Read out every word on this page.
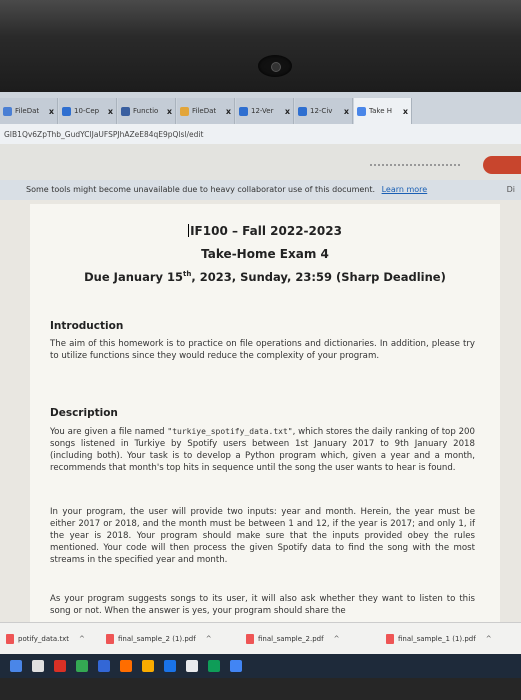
FileDat	x	10-Cep	x	Functio	x	FileDat	x	12-Ver	x	12-Civ	x	Take H	x
GIB1Qv6ZpThb_GudYClJaUFSPJhAZeE84qE9pQlsl/edit
Some tools might become unavailable due to heavy collaborator use of this document. Learn more	Di
IF100 – Fall 2022-2023
Take-Home Exam 4
Due January 15th, 2023, Sunday, 23:59 (Sharp Deadline)
Introduction
The aim of this homework is to practice on file operations and dictionaries. In addition, please try to utilize functions since they would reduce the complexity of your program.
Description
You are given a file named "turkiye_spotify_data.txt", which stores the daily ranking of top 200 songs listened in Turkiye by Spotify users between 1st January 2017 to 9th January 2018 (including both). Your task is to develop a Python program which, given a year and a month, recommends that month's top hits in sequence until the song the user wants to hear is found.
In your program, the user will provide two inputs: year and month. Herein, the year must be either 2017 or 2018, and the month must be between 1 and 12, if the year is 2017; and only 1, if the year is 2018. Your program should make sure that the inputs provided obey the rules mentioned. Your code will then process the given Spotify data to find the song with the most streams in the specified year and month.
As your program suggests songs to its user, it will also ask whether they want to listen to this song or not. When the answer is yes, your program should share the
potify_data.txt ^	final_sample_2 (1).pdf ^	final_sample_2.pdf ^	final_sample_1 (1).pdf ^
